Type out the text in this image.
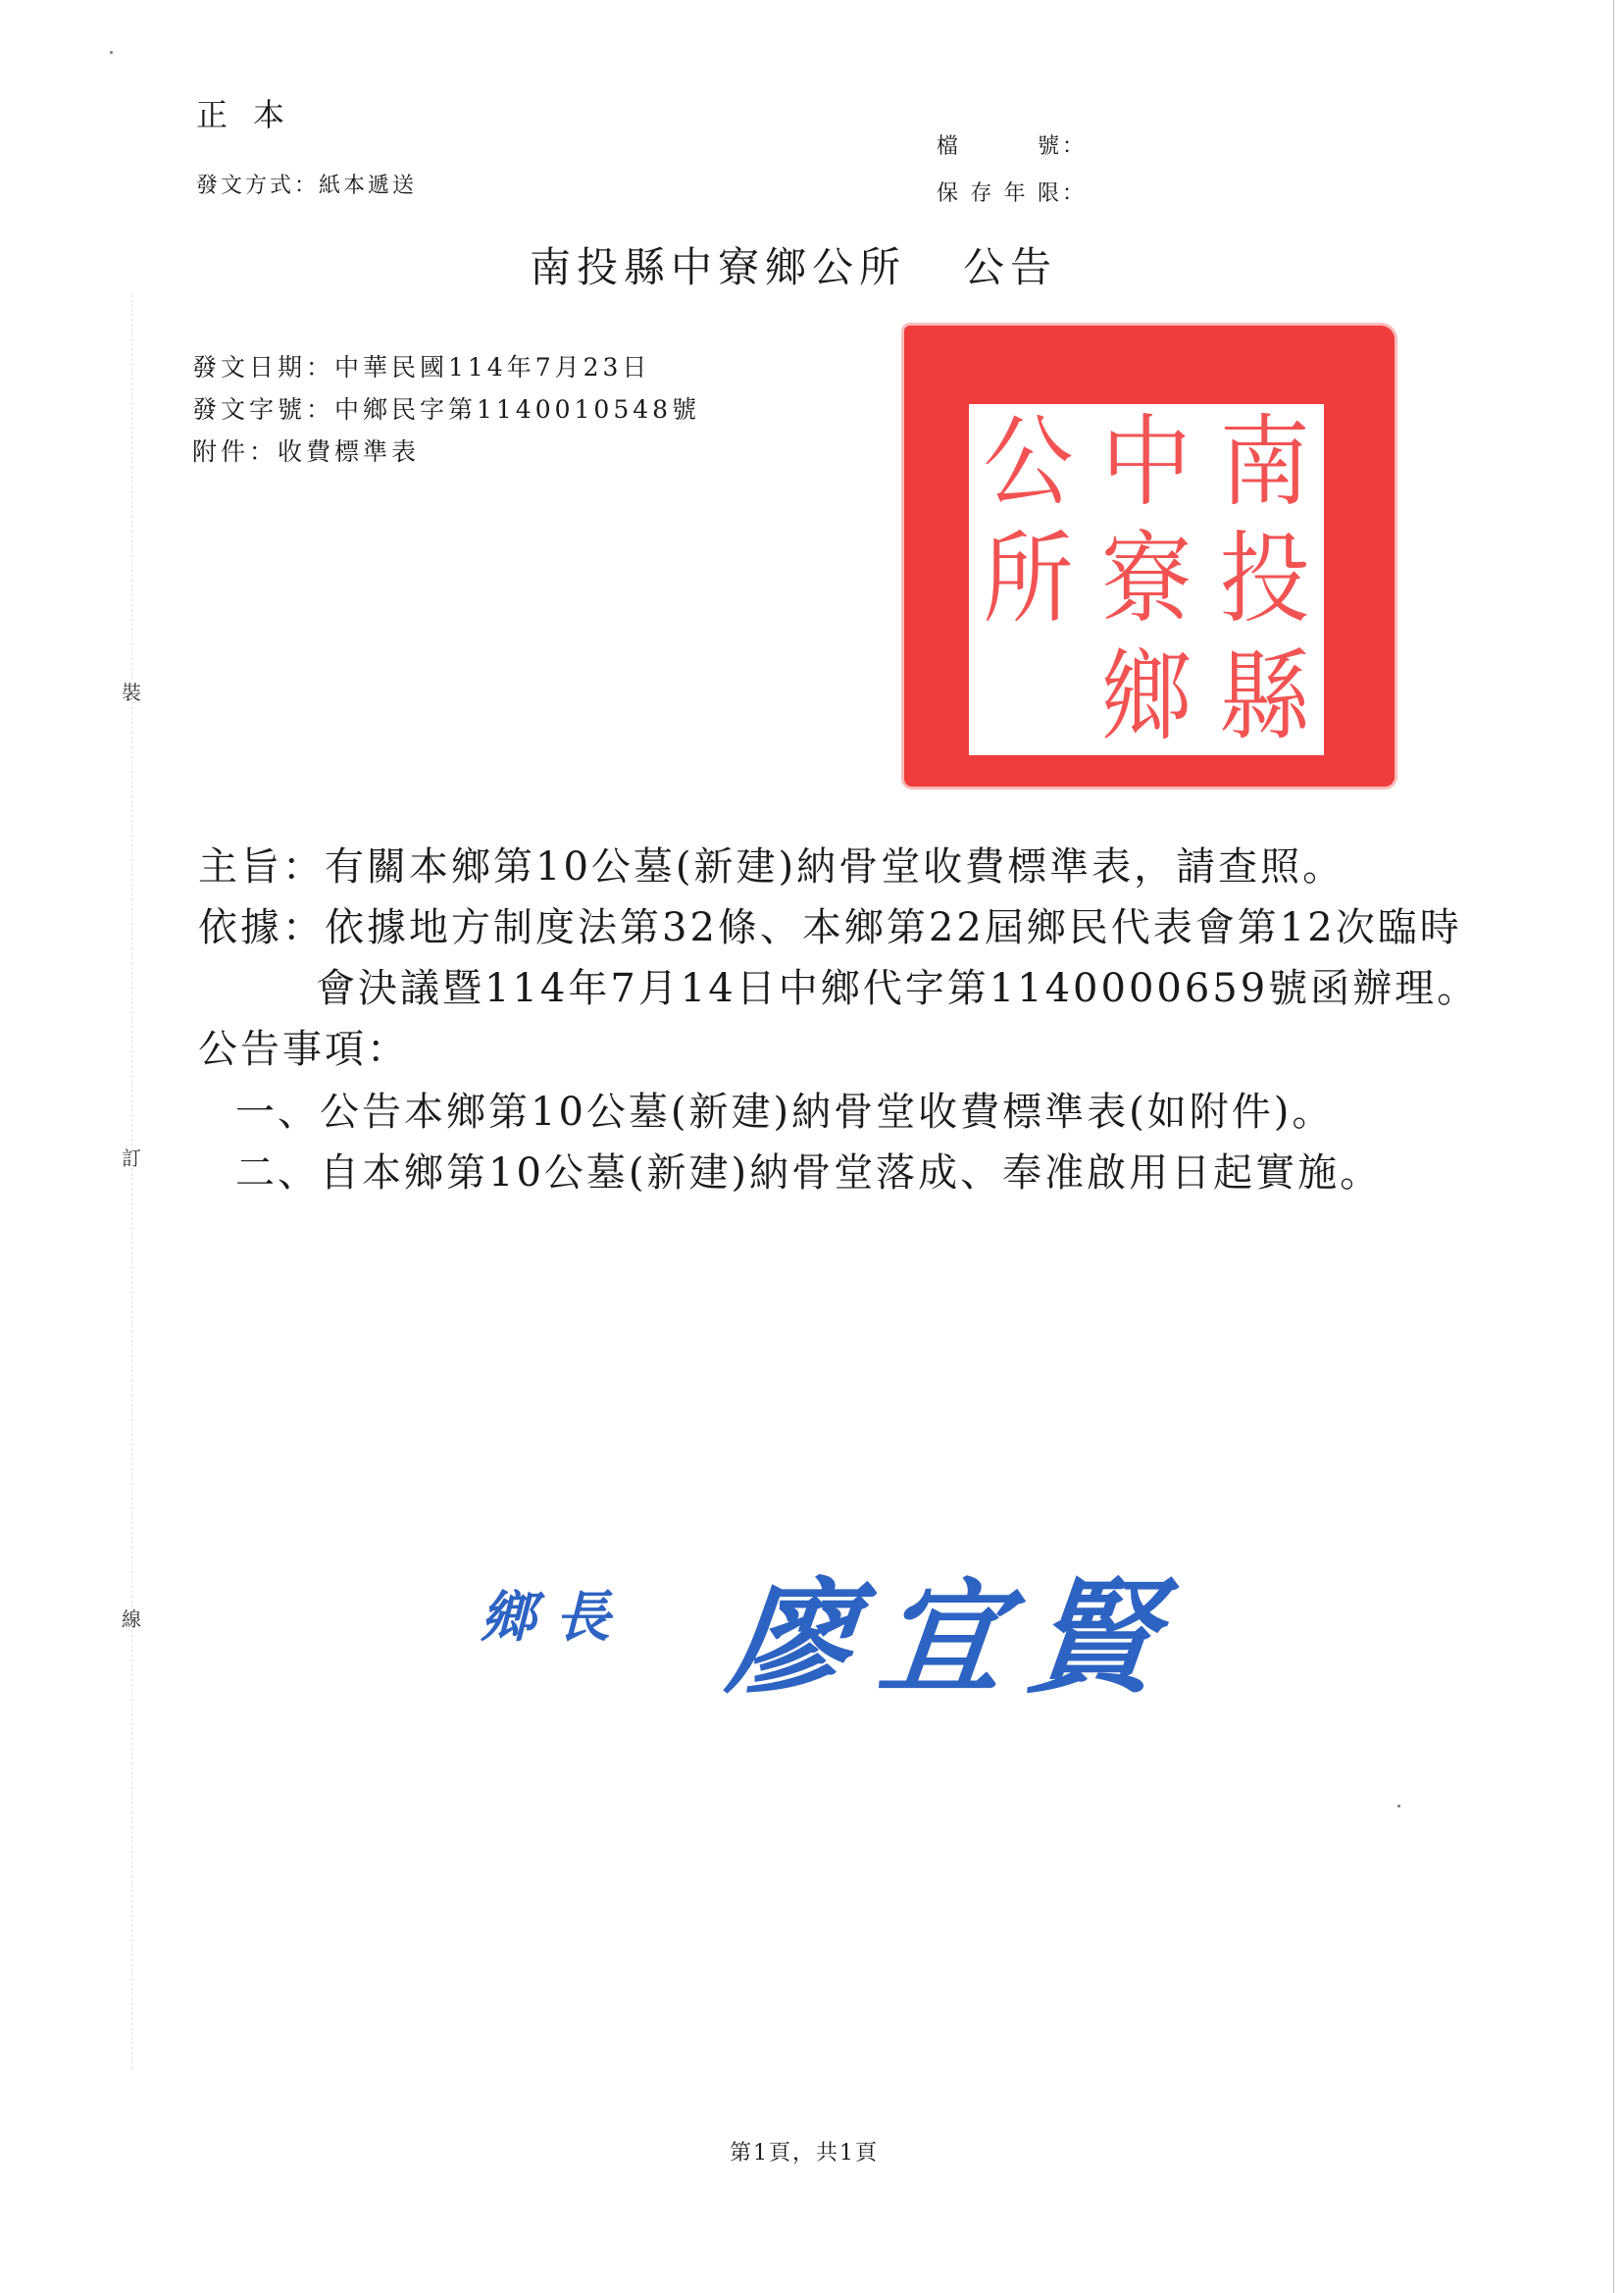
裝
訂
線
正本
發文方式：紙本遞送
檔號：
保存年限：
南投縣中寮鄉公所 公告
發文日期：中華民國114年7月23日
發文字號：中鄉民字第1140010548號
附件：收費標準表	南
投
縣
中
寮
鄉
公
所
主旨：有關本鄉第10公墓(新建)納骨堂收費標準表，請查照。
依據：依據地方制度法第32條、本鄉第22屆鄉民代表會第12次臨時
會決議暨114年7月14日中鄉代字第1140000659號函辦理。
公告事項：
一、公告本鄉第10公墓(新建)納骨堂收費標準表(如附件)。
二、自本鄉第10公墓(新建)納骨堂落成、奉准啟用日起實施。
鄉長 廖宜賢
第1頁，共1頁
